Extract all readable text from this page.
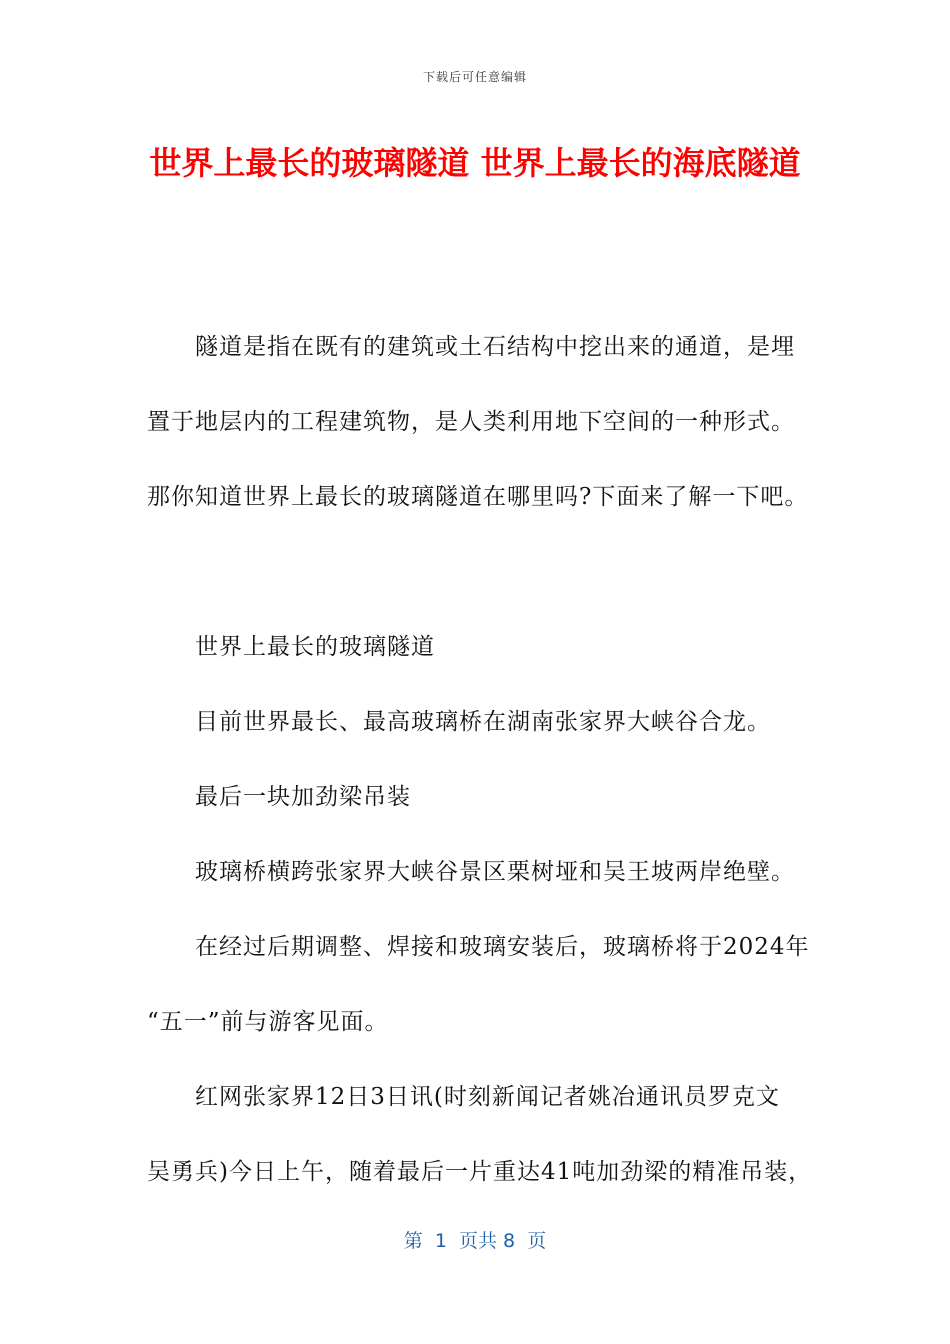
下载后可任意编辑
世界上最长的玻璃隧道 世界上最长的海底隧道

隧道是指在既有的建筑或土石结构中挖出来的通道，是埋

置于地层内的工程建筑物，是人类利用地下空间的一种形式。

那你知道世界上最长的玻璃隧道在哪里吗?下面来了解一下吧。

世界上最长的玻璃隧道

目前世界最长、最高玻璃桥在湖南张家界大峡谷合龙。

最后一块加劲梁吊装

玻璃桥横跨张家界大峡谷景区栗树垭和吴王坡两岸绝壁。

在经过后期调整、焊接和玻璃安装后，玻璃桥将于2024年

“五一”前与游客见面。

红网张家界12日3日讯(时刻新闻记者姚冶通讯员罗克文

吴勇兵)今日上午，随着最后一片重达41吨加劲梁的精准吊装，

第  1  页共 8  页
